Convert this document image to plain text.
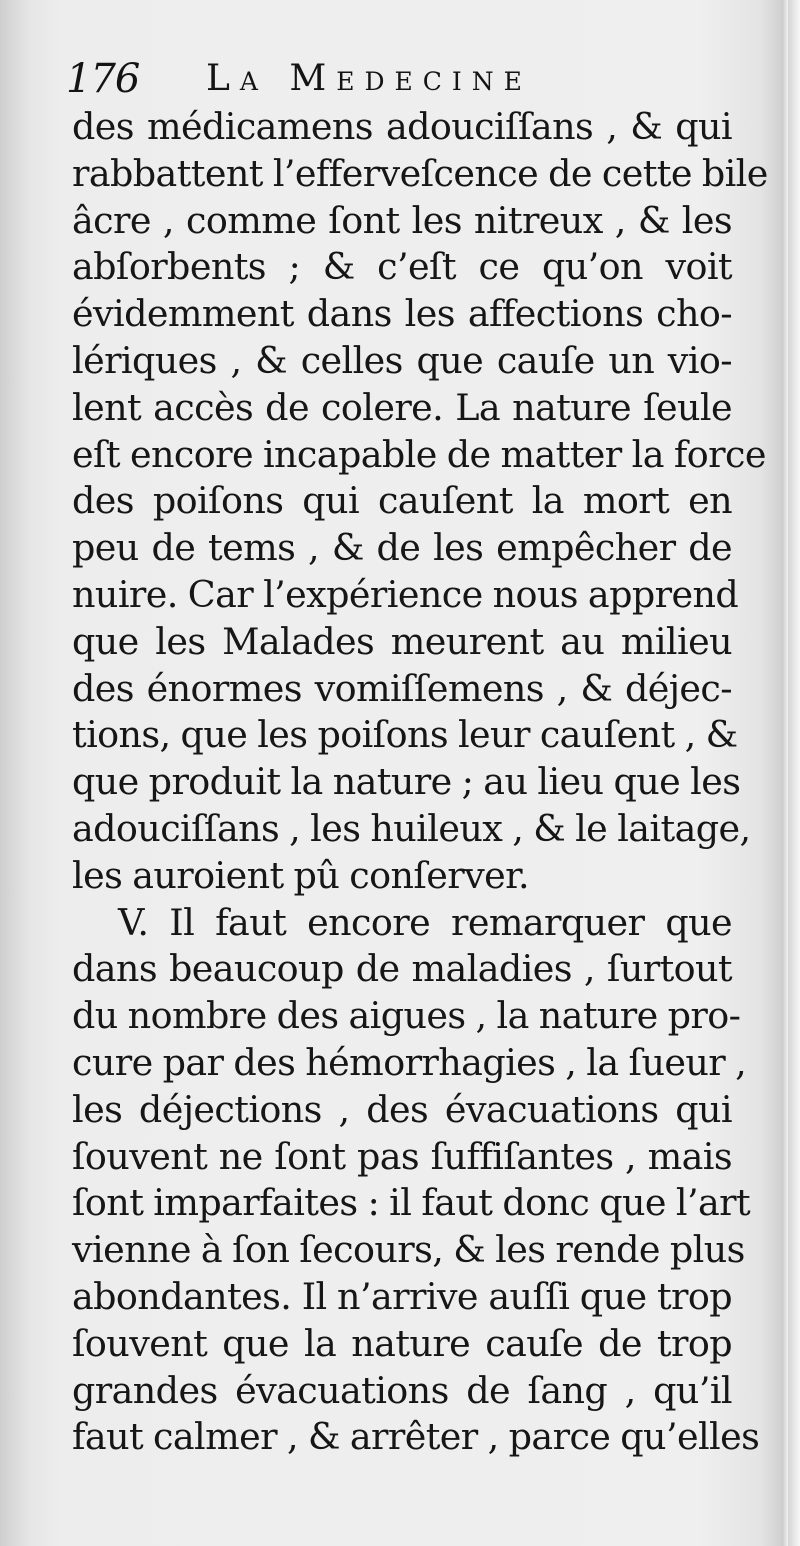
176 La Medecine
des médicamens adouciſſans , & qui
rabbattent l’efferveſcence de cette bile
âcre , comme ſont les nitreux , & les
abſorbents ; & c’eſt ce qu’on voit
évidemment dans les affections cho-
lériques , & celles que cauſe un vio-
lent accès de colere. La nature ſeule
eſt encore incapable de matter la force
des poiſons qui cauſent la mort en
peu de tems , & de les empêcher de
nuire. Car l’expérience nous apprend
que les Malades meurent au milieu
des énormes vomiſſemens , & déjec-
tions, que les poiſons leur cauſent , &
que produit la nature ; au lieu que les
adouciſſans , les huileux , & le laitage,
les auroient pû conſerver.
V. Il faut encore remarquer que
dans beaucoup de maladies , ſurtout
du nombre des aigues , la nature pro-
cure par des hémorrhagies , la ſueur ,
les déjections , des évacuations qui
ſouvent ne ſont pas ſuffiſantes , mais
ſont imparfaites : il faut donc que l’art
vienne à ſon ſecours, & les rende plus
abondantes. Il n’arrive auſſi que trop
ſouvent que la nature cauſe de trop
grandes évacuations de ſang , qu’il
faut calmer , & arrêter , parce qu’elles
